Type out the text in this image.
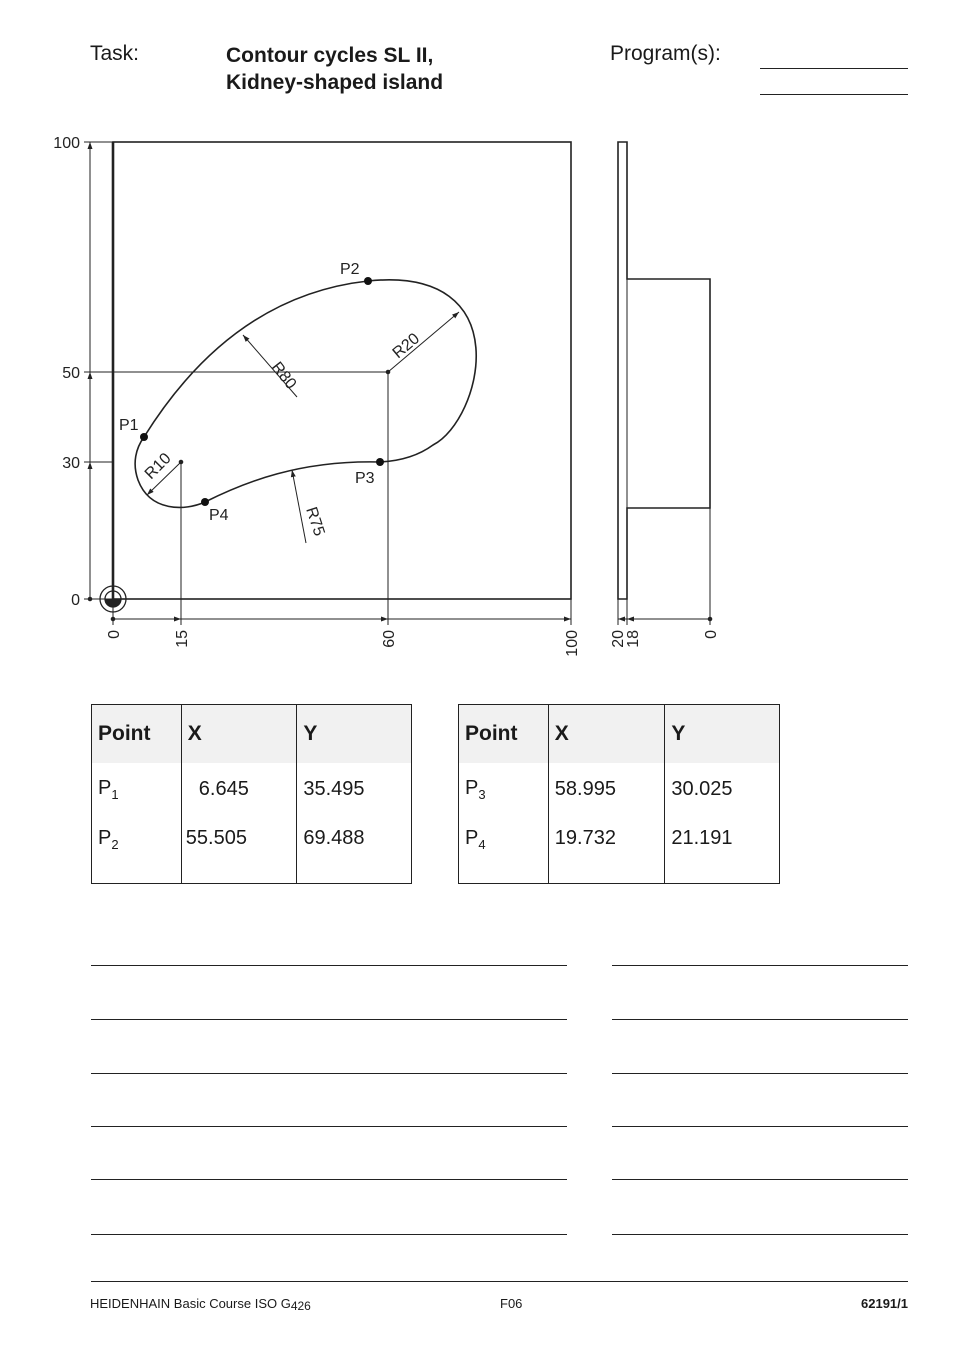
Task:	Contour cycles SL II,
Kidney-shaped island
Program(s):
100
50
30
0
0	15	60	100 20
18	0
P1
P2
P3
P4
R80
R20
R10
R75
Point	X	Y
$P_1$	6.645	35.495
$P_2$	55.505	69.488
Point	X	Y
$P_3$	58.995	30.025
$P_4$	19.732	21.191
HEIDENHAIN Basic Course ISO G426	F06	62191/1
